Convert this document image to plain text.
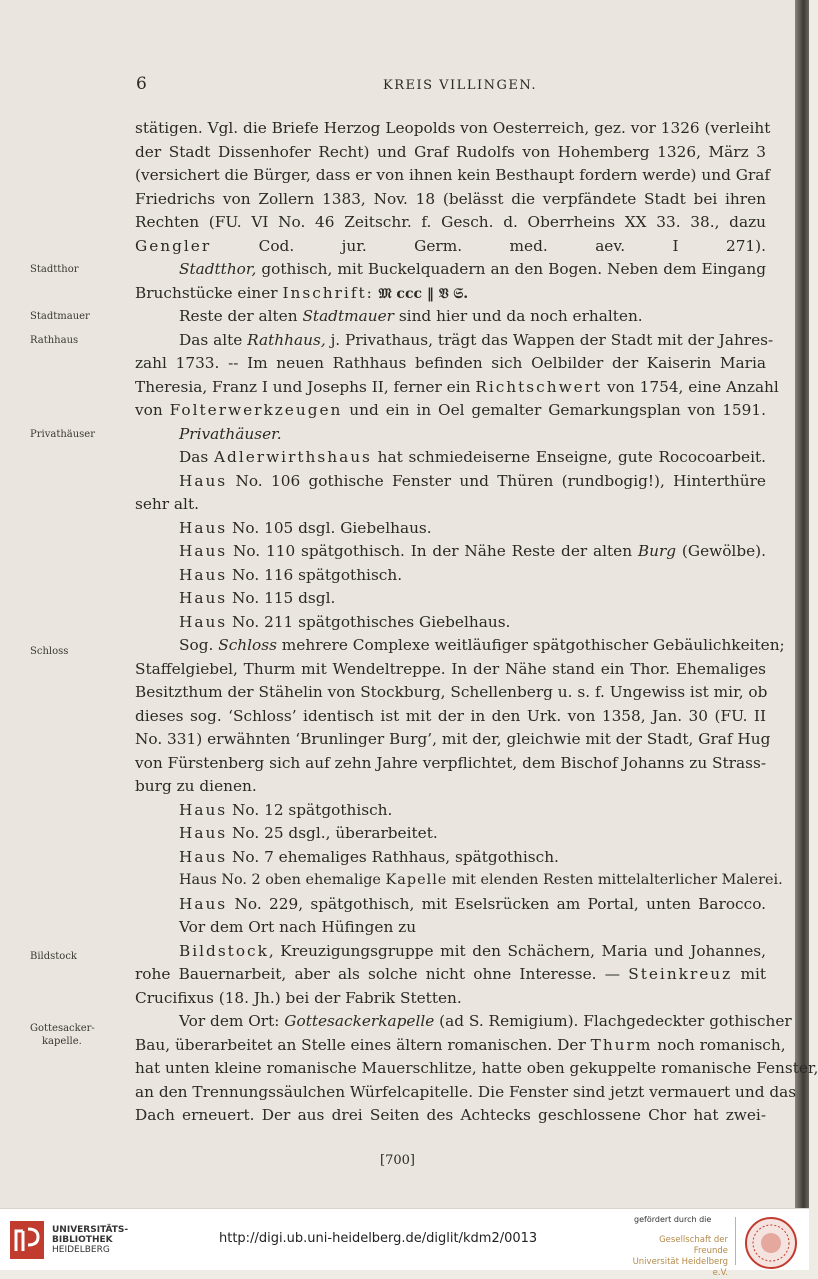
6	KREIS VILLINGEN.
Stadtthor
Stadtmauer
Rathhaus
Privathäuser
Schloss
Bildstock
Gottesacker-
kapelle.
stätigen. Vgl. die Briefe Herzog Leopolds von Oesterreich, gez. vor 1326 (verleiht
der Stadt Dissenhofer Recht) und Graf Rudolfs von Hohemberg 1326, März 3
(versichert die Bürger, dass er von ihnen kein Besthaupt fordern werde) und Graf
Friedrichs von Zollern 1383, Nov. 18 (belässt die verpfändete Stadt bei ihren
Rechten (FU. VI No. 46 Zeitschr. f. Gesch. d. Oberrheins XX 33. 38., dazu
Gengler Cod. jur. Germ. med. aev. I 271).
Stadtthor, gothisch, mit Buckelquadern an den Bogen. Neben dem Eingang
Bruchstücke einer Inschrift: 𝔐 ccc ‖ 𝔙 𝔖.
Reste der alten Stadtmauer sind hier und da noch erhalten.
Das alte Rathhaus, j. Privathaus, trägt das Wappen der Stadt mit der Jahres-
zahl 1733. -- Im neuen Rathhaus befinden sich Oelbilder der Kaiserin Maria
Theresia, Franz I und Josephs II, ferner ein Richtschwert von 1754, eine Anzahl
von Folterwerkzeugen und ein in Oel gemalter Gemarkungsplan von 1591.
Privathäuser.
Das Adlerwirthshaus hat schmiedeiserne Enseigne, gute Rococoarbeit.
Haus No. 106 gothische Fenster und Thüren (rundbogig!), Hinterthüre
sehr alt.
Haus No. 105 dsgl. Giebelhaus.
Haus No. 110 spätgothisch. In der Nähe Reste der alten Burg (Gewölbe).
Haus No. 116 spätgothisch.
Haus No. 115 dsgl.
Haus No. 211 spätgothisches Giebelhaus.
Sog. Schloss mehrere Complexe weitläufiger spätgothischer Gebäulichkeiten;
Staffelgiebel, Thurm mit Wendeltreppe. In der Nähe stand ein Thor. Ehemaliges
Besitzthum der Stähelin von Stockburg, Schellenberg u. s. f. Ungewiss ist mir, ob
dieses sog. ‘Schloss’ identisch ist mit der in den Urk. von 1358, Jan. 30 (FU. II
No. 331) erwähnten ‘Brunlinger Burg’, mit der, gleichwie mit der Stadt, Graf Hug
von Fürstenberg sich auf zehn Jahre verpflichtet, dem Bischof Johanns zu Strass-
burg zu dienen.
Haus No. 12 spätgothisch.
Haus No. 25 dsgl., überarbeitet.
Haus No. 7 ehemaliges Rathhaus, spätgothisch.
Haus No. 2 oben ehemalige Kapelle mit elenden Resten mittelalterlicher Malerei.
Haus No. 229, spätgothisch, mit Eselsrücken am Portal, unten Barocco.
Vor dem Ort nach Hüfingen zu
Bildstock, Kreuzigungsgruppe mit den Schächern, Maria und Johannes,
rohe Bauernarbeit, aber als solche nicht ohne Interesse. — Steinkreuz mit
Crucifixus (18. Jh.) bei der Fabrik Stetten.
Vor dem Ort: Gottesackerkapelle (ad S. Remigium). Flachgedeckter gothischer
Bau, überarbeitet an Stelle eines ältern romanischen. Der Thurm noch romanisch,
hat unten kleine romanische Mauerschlitze, hatte oben gekuppelte romanische Fenster,
an den Trennungssäulchen Würfelcapitelle. Die Fenster sind jetzt vermauert und das
Dach erneuert. Der aus drei Seiten des Achtecks geschlossene Chor hat zwei-
[700]
UNIVERSITÄTS-
BIBLIOTHEK
HEIDELBERG
http://digi.ub.uni-heidelberg.de/diglit/kdm2/0013
gefördert durch die
Gesellschaft der Freunde
Universität Heidelberg e.V.
